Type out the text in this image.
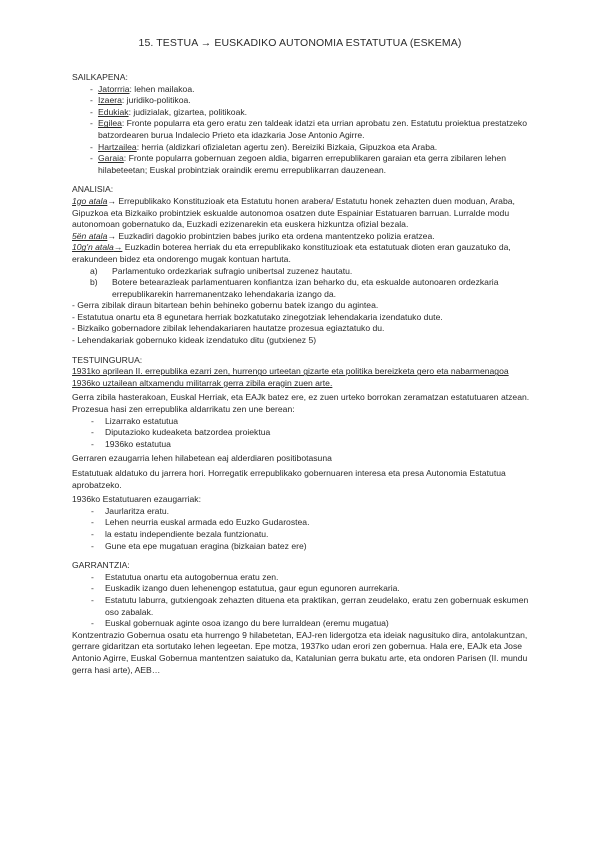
15. TESTUA → EUSKADIKO AUTONOMIA ESTATUTUA (ESKEMA)
SAILKAPENA:
- Jatorrria: lehen mailakoa.
- Izaera: juridiko-politikoa.
- Edukiak: judizialak, gizartea, politikoak.
- Egilea: Fronte popularra eta gero eratu zen taldeak idatzi eta urrian aprobatu zen. Estatutu proiektua prestatzeko batzordearen burua Indalecio Prieto eta idazkaria Jose Antonio Agirre.
- Hartzailea: herria (aldizkari ofizialetan agertu zen). Bereiziki Bizkaia, Gipuzkoa eta Araba.
- Garaia: Fronte popularra gobernuan zegoen aldia, bigarren errepublikaren garaian eta gerra zibilaren lehen hilabeteetan; Euskal probintziak oraindik eremu errepublikarran dauzenean.
ANALISIA:
1go atala→ Errepublikako Konstituzioak eta Estatutu honen arabera/ Estatutu honek zehazten duen moduan, Araba, Gipuzkoa eta Bizkaiko probintziek eskualde autonomoa osatzen dute Espainiar Estatuaren barruan. Lurralde modu autonomoan gobernatuko da, Euzkadi ezizenarekin eta euskera hizkuntza ofizial bezala.
5ën atala→ Euzkadiri dagokio probintzien babes juriko eta ordena mantentzeko polizia eratzea.
10g'n atala→ Euzkadin boterea herriak du eta errepublikako konstituzioak eta estatutuak dioten eran gauzatuko da, erakundeen bidez eta ondorengo mugak kontuan hartuta.
a) Parlamentuko ordezkariak sufragio unibertsal zuzenez hautatu.
b) Botere betearazleak parlamentuaren konfiantza izan beharko du, eta eskualde autonoaren ordezkaria errepublikarekin harremanentzako lehendakaria izango da.
- Gerra zibilak diraun bitartean behin behineko gobernu batek izango du agintea.
- Estatutua onartu eta 8 egunetara herriak bozkatutako zinegotziak lehendakaria izendatuko dute.
- Bizkaiko gobernadore zibilak lehendakariaren hautatze prozesua egiaztatuko du.
- Lehendakariak gobernuko kideak izendatuko ditu (gutxienez 5)
TESTUINGURUA:
1931ko aprilean II. errepublika ezarri zen, hurrengo urteetan gizarte eta politika bereizketa gero eta nabarmenagoa 1936ko uztailean altxamendu militarrak gerra zibila eragin zuen arte.
Gerra zibila hasterakoan, Euskal Herriak, eta EAJk batez ere, ez zuen urteko borrokan zeramatzan estatutuaren atzean. Prozesua hasi zen errepublika aldarrikatu zen une berean:
- Lizarrako estatutua
- Diputazioko kudeaketa batzordea proiektua
- 1936ko estatutua
Gerraren ezaugarria lehen hilabetean eaj alderdiaren positibotasuna
Estatutuak aldatuko du jarrera hori. Horregatik errepublikako gobernuaren interesa eta presa Autonomia Estatutua aprobatzeko.
1936ko Estatutuaren ezaugarriak:
- Jaurlaritza eratu.
- Lehen neurria euskal armada edo Euzko Gudarostea.
- la estatu independiente bezala funtzionatu.
- Gune eta epe mugatuan eragina (bizkaian batez ere)
GARRANTZIA:
- Estatutua onartu eta autogobernua eratu zen.
- Euskadik izango duen lehenengop estatutua, gaur egun egunoren aurrekaria.
- Estatutu laburra, gutxiengoak zehazten dituena eta praktikan, gerran zeudelako, eratu zen gobernuak eskumen oso zabalak.
- Euskal gobernuak aginte osoa izango du bere lurraldean (eremu mugatua)
Kontzentrazio Gobernua osatu eta hurrengo 9 hilabetetan, EAJ-ren lidergotza eta ideiak nagusituko dira, antolakuntzan, gerrare gidaritzan eta sortutako lehen legeetan. Epe motza, 1937ko udan erori zen gobernua. Hala ere, EAJk eta Jose Antonio Agirre, Euskal Gobernua mantentzen saiatuko da, Katalunian gerra bukatu arte, eta ondoren Parisen (II. mundu gerra hasi arte), AEB…
